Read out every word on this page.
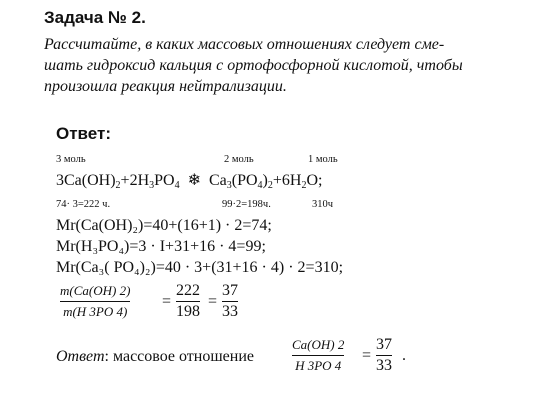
Задача № 2.
Рассчитайте, в каких массовых отношениях следует сме-
шать гидроксид кальция с ортофосфорной кислотой, чтобы
произошла реакция нейтрализации.
Ответ:
3 моль	2 моль	1 моль
$3Ca(OH)_2+2H_3PO_4$ ❄ $Ca_3(PO_4)_2+6H_2O$;
74· 3=222 ч.	99·2=198ч.	310ч
Mr(Ca(OH)₂)=40+(16+1) · 2=74;
Mr(H₃PO₄)=3 · I+31+16 · 4=99;
Mr(Ca₃( PO₄)₂)=40 · 3+(31+16 · 4) · 2=310;
m(Ca(OH) 2)
m(H 3PO 4)
=
222
198
=
37
33
Ответ: массовое отношение
Ca(OH) 2
H 3PO 4
=
37
33
.
